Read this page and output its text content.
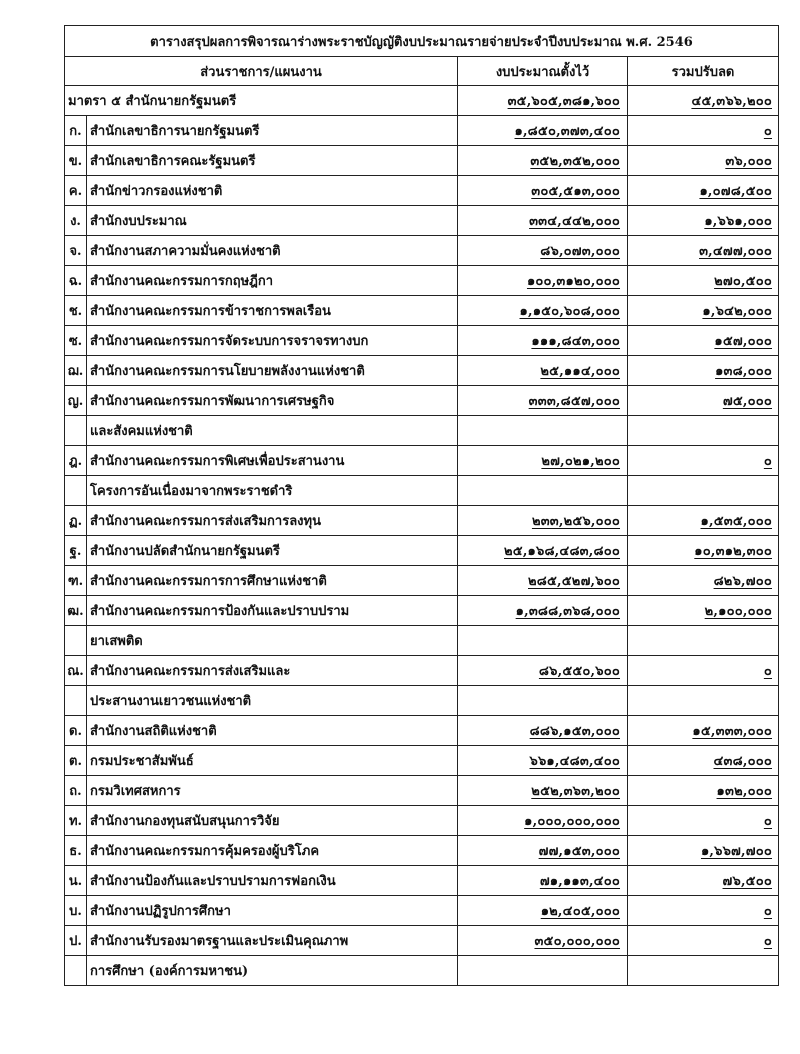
ตารางสรุปผลการพิจารณาร่างพระราชบัญญัติงบประมาณรายจ่ายประจำปีงบประมาณ พ.ศ. 2546		
ส่วนราชการ/แผนงาน	งบประมาณตั้งไว้	รวมปรับลด
มาตรา ๕ สำนักนายกรัฐมนตรี	๓๕,๖๐๕,๓๘๑,๖๐๐	๔๕,๓๖๖,๒๐๐

ก. สำนักเลขาธิการนายกรัฐมนตรี	๑,๘๕๐,๓๗๓,๔๐๐	๐

ข. สำนักเลขาธิการคณะรัฐมนตรี	๓๕๒,๓๕๒,๐๐๐	๓๖,๐๐๐

ค. สำนักข่าวกรองแห่งชาติ	๓๐๕,๕๑๓,๐๐๐	๑,๐๗๘,๕๐๐

ง. สำนักงบประมาณ	๓๓๔,๔๔๒,๐๐๐	๑,๖๖๑,๐๐๐

จ. สำนักงานสภาความมั่นคงแห่งชาติ	๘๖,๐๗๓,๐๐๐	๓,๔๗๗,๐๐๐

ฉ. สำนักงานคณะกรรมการกฤษฎีกา	๑๐๐,๓๑๒๐,๐๐๐	๒๗๐,๕๐๐

ช. สำนักงานคณะกรรมการข้าราชการพลเรือน	๑,๑๕๐,๖๐๘,๐๐๐	๑,๖๔๒,๐๐๐

ซ. สำนักงานคณะกรรมการจัดระบบการจราจรทางบก	๑๑๑,๘๔๓,๐๐๐	๑๕๗,๐๐๐

ฌ. สำนักงานคณะกรรมการนโยบายพลังงานแห่งชาติ	๒๕,๑๑๔,๐๐๐	๑๓๘,๐๐๐

ญ. สำนักงานคณะกรรมการพัฒนาการเศรษฐกิจ	๓๓๓,๘๕๗,๐๐๐	๗๕,๐๐๐

และสังคมแห่งชาติ		

ฎ. สำนักงานคณะกรรมการพิเศษเพื่อประสานงาน	๒๗,๐๒๑,๒๐๐	๐

โครงการอันเนื่องมาจากพระราชดำริ		

ฏ. สำนักงานคณะกรรมการส่งเสริมการลงทุน	๒๓๓,๒๕๖,๐๐๐	๑,๕๓๕,๐๐๐

ฐ. สำนักงานปลัดสำนักนายกรัฐมนตรี	๒๕,๑๖๘,๔๘๓,๘๐๐	๑๐,๓๑๒,๓๐๐

ฑ. สำนักงานคณะกรรมการการศึกษาแห่งชาติ	๒๘๕,๕๒๗,๖๐๐	๘๒๖,๗๐๐

ฒ. สำนักงานคณะกรรมการป้องกันและปราบปราม	๑,๓๘๘,๓๖๘,๐๐๐	๒,๑๐๐,๐๐๐

ยาเสพติด		

ณ. สำนักงานคณะกรรมการส่งเสริมและ	๘๖,๕๕๐,๖๐๐	๐

ประสานงานเยาวชนแห่งชาติ		

ด. สำนักงานสถิติแห่งชาติ	๘๘๖,๑๕๓,๐๐๐	๑๕,๓๓๓,๐๐๐

ต. กรมประชาสัมพันธ์	๖๖๑,๔๘๓,๔๐๐	๔๓๘,๐๐๐

ถ. กรมวิเทศสหการ	๒๕๒,๓๖๓,๒๐๐	๑๓๒,๐๐๐

ท. สำนักงานกองทุนสนับสนุนการวิจัย	๑,๐๐๐,๐๐๐,๐๐๐	๐

ธ. สำนักงานคณะกรรมการคุ้มครองผู้บริโภค	๗๗,๑๕๓,๐๐๐	๑,๖๖๗,๗๐๐

น. สำนักงานป้องกันและปราบปรามการฟอกเงิน	๗๑,๑๑๓,๔๐๐	๗๖,๕๐๐

บ. สำนักงานปฏิรูปการศึกษา	๑๒,๔๐๕,๐๐๐	๐

ป. สำนักงานรับรองมาตรฐานและประเมินคุณภาพ	๓๕๐,๐๐๐,๐๐๐	๐

การศึกษา (องค์การมหาชน)		
